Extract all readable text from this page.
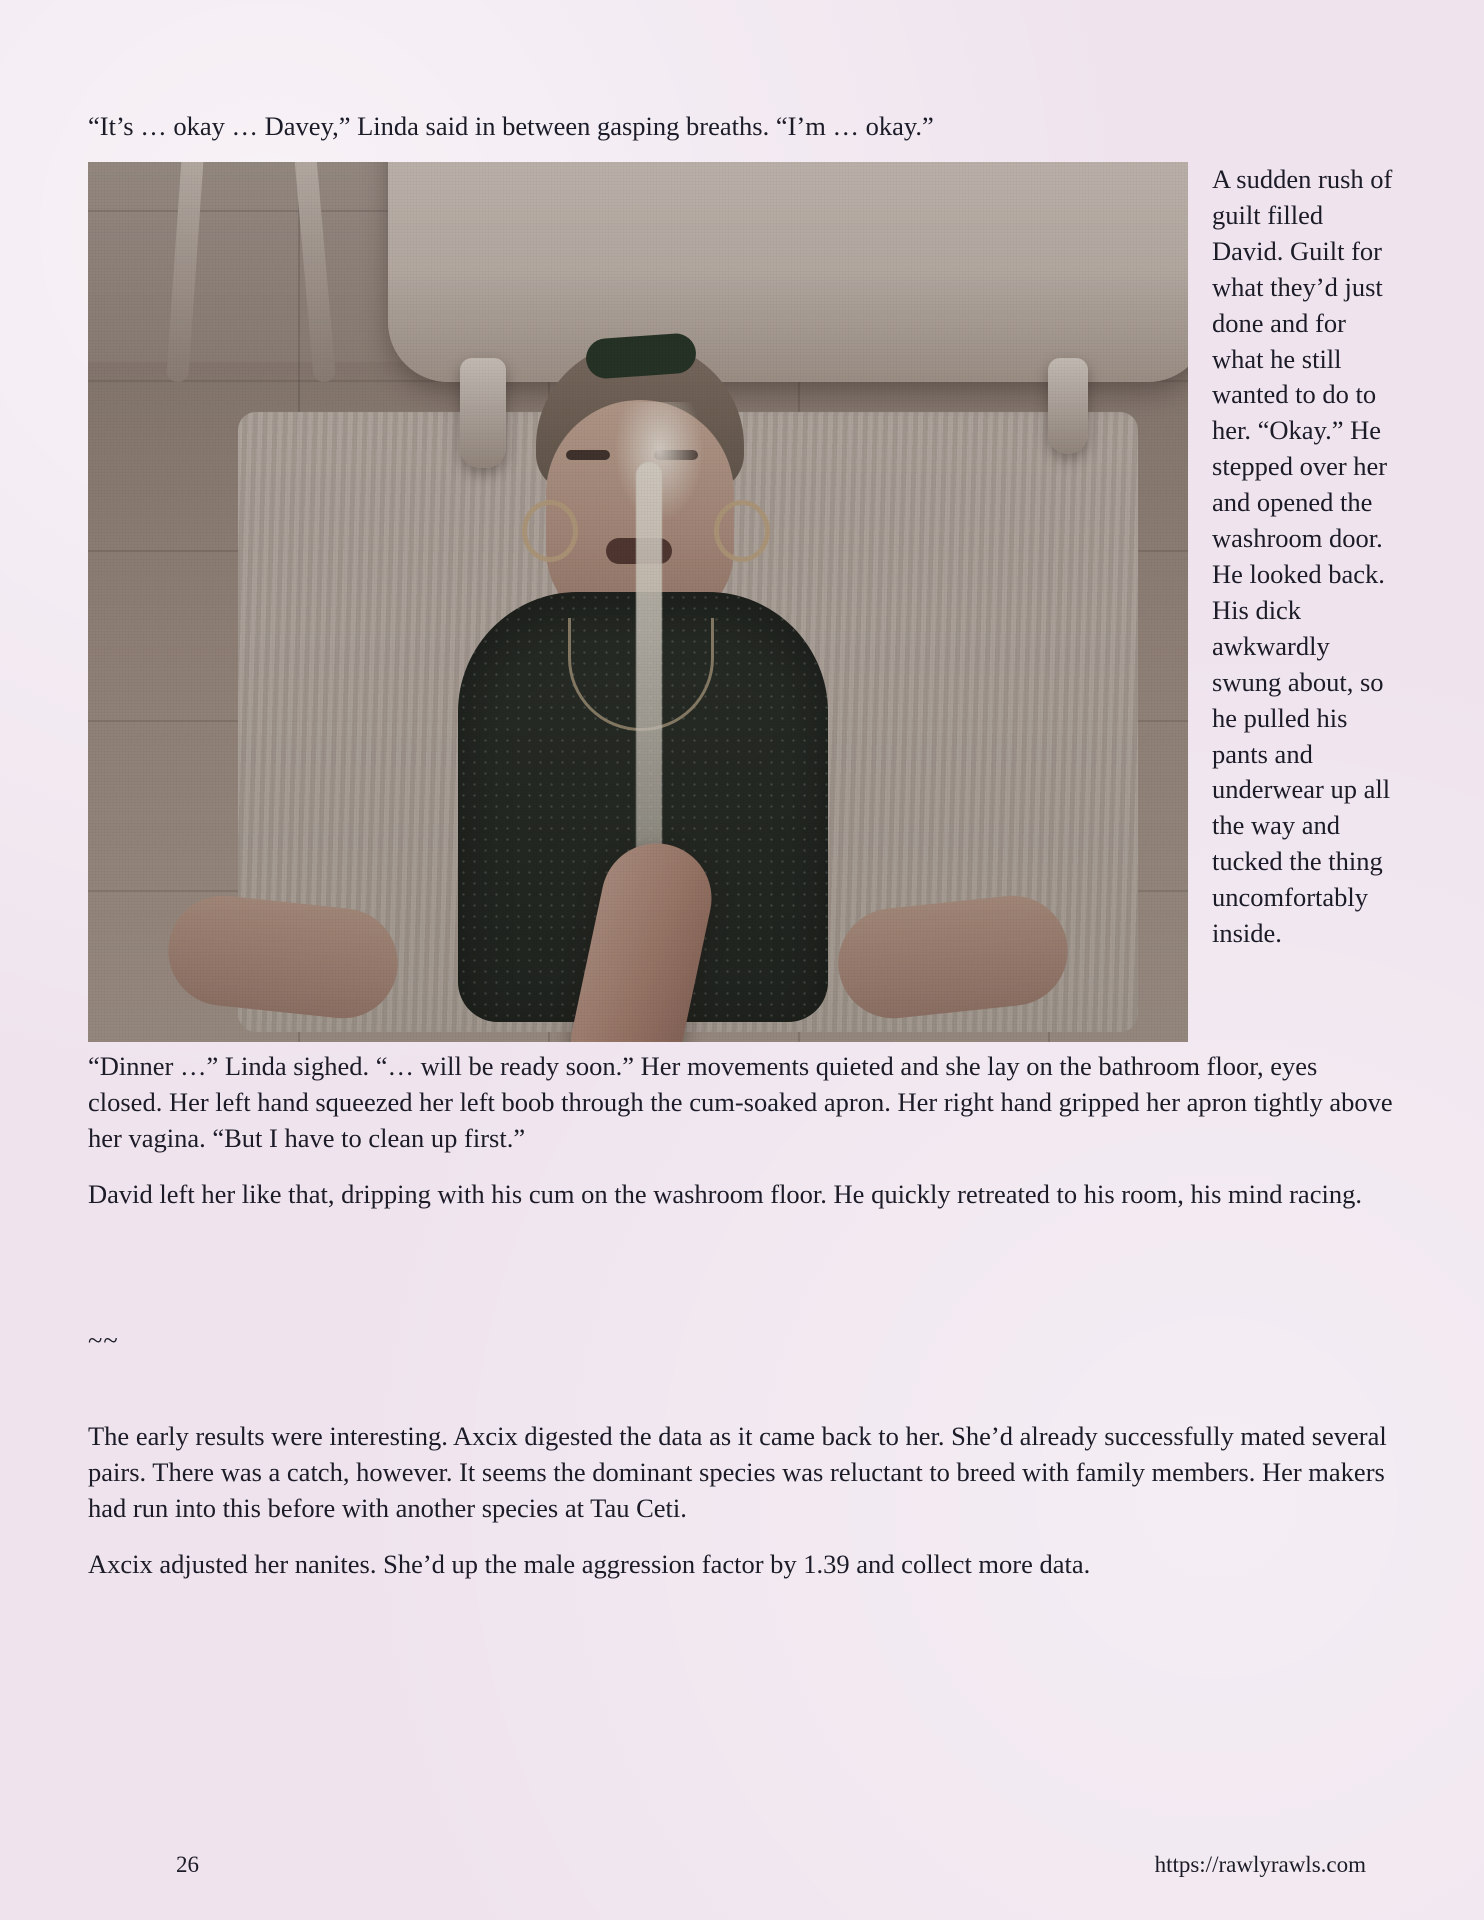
“It’s … okay … Davey,” Linda said in between gasping breaths. “I’m … okay.”

A sudden rush of guilt filled David. Guilt for what they’d just done and for what he still wanted to do to her. “Okay.” He stepped over her and opened the washroom door. He looked back. His dick awkwardly swung about, so he pulled his pants and underwear up all the way and tucked the thing uncomfortably inside.

“Dinner …” Linda sighed. “… will be ready soon.” Her movements quieted and she lay on the bathroom floor, eyes closed. Her left hand squeezed her left boob through the cum-soaked apron. Her right hand gripped her apron tightly above her vagina. “But I have to clean up first.”

David left her like that, dripping with his cum on the washroom floor. He quickly retreated to his room, his mind racing.

~~

The early results were interesting. Axcix digested the data as it came back to her. She’d already successfully mated several pairs. There was a catch, however. It seems the dominant species was reluctant to breed with family members. Her makers had run into this before with another species at Tau Ceti.

Axcix adjusted her nanites. She’d up the male aggression factor by 1.39 and collect more data.

26	https://rawlyrawls.com
